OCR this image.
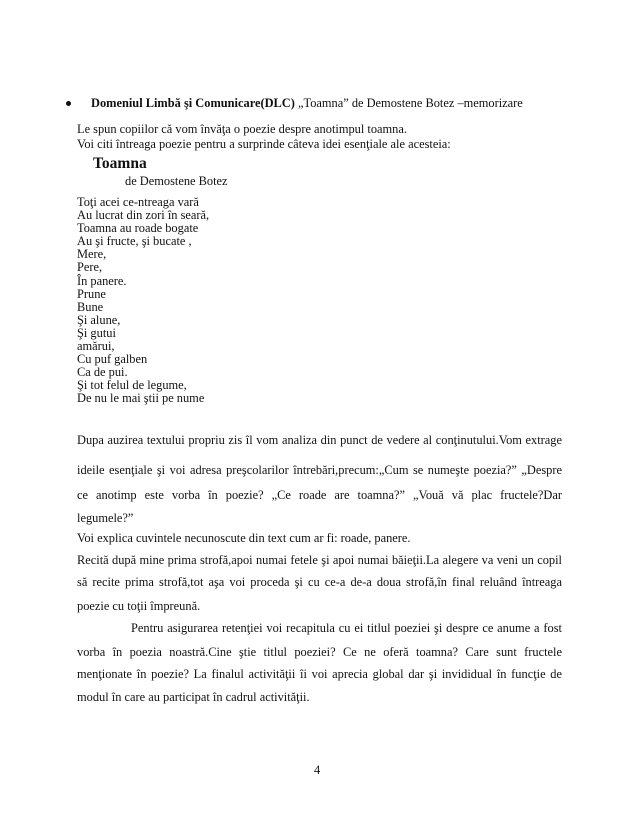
Domeniul Limbă şi Comunicare(DLC) „Toamna” de Demostene Botez –memorizare
Le spun copiilor că vom învăţa o poezie despre anotimpul toamna.
Voi citi întreaga poezie pentru a surprinde câteva idei esenţiale ale acesteia:
Toamna
de Demostene Botez
Toţi acei ce-ntreaga vară
Au lucrat din zori în seară,
Toamna au roade bogate
Au şi fructe, şi bucate ,
Mere,
Pere,
În panere.
Prune
Bune
Şi alune,
Şi gutui
amărui,
Cu puf galben
Ca de pui.
Şi tot felul de legume,
De nu le mai ştii pe nume
Dupa auzirea textului propriu zis îl vom analiza din punct de vedere al conţinutului.Vom extrage
ideile esenţiale şi voi adresa preşcolarilor întrebări,precum:„Cum se numeşte poezia?” „Despre
ce anotimp este vorba în poezie? „Ce roade are toamna?” „Vouă vă plac fructele?Dar
legumele?”
Voi explica cuvintele necunoscute din text cum ar fi: roade, panere.
Recită după mine prima strofă,apoi numai fetele şi apoi numai băieţii.La alegere va veni un copil
să recite prima strofă,tot aşa voi proceda şi cu ce-a de-a doua strofă,în final reluând întreaga
poezie cu toţii împreună.
Pentru asigurarea retenţiei voi recapitula cu ei titlul poeziei şi despre ce anume a fost
vorba în poezia noastră.Cine ştie titlul poeziei? Ce ne oferă toamna? Care sunt fructele
menţionate în poezie? La finalul activităţii îi voi aprecia global dar şi invididual în funcţie de
modul în care au participat în cadrul activităţii.
4
